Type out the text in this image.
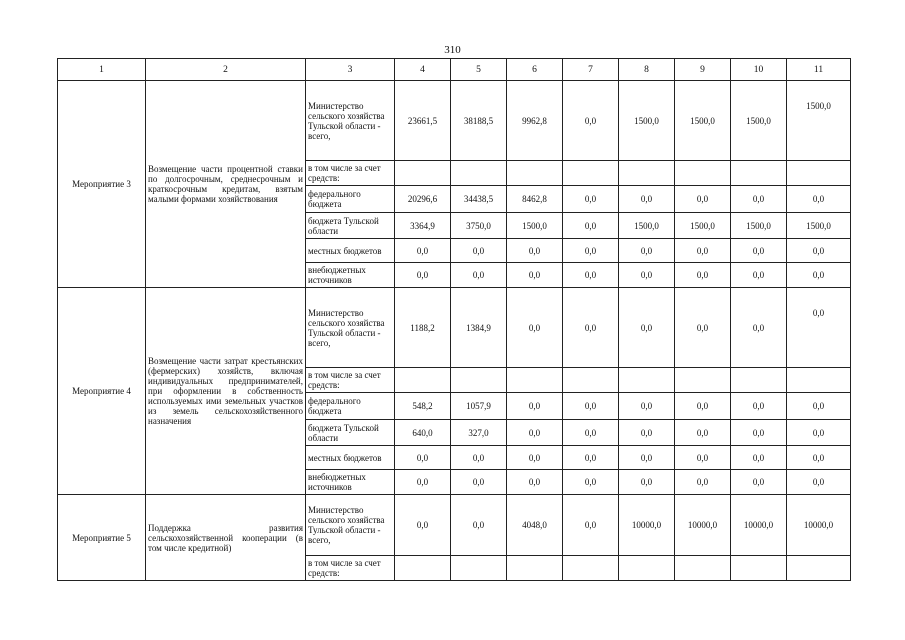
310
1	2	3	4	5	6	7	8	9	10	11
Мероприятие 3	Возмещение части процентной ставки по долгосрочным, среднесрочным и краткосрочным кредитам, взятым малыми формами хозяйствования	Министерство сельского хозяйства Тульской области - всего,	23661,5	38188,5	9962,8	0,0	1500,0	1500,0	1500,0	1500,0
		в том числе за счет средств:								
		федерального бюджета	20296,6	34438,5	8462,8	0,0	0,0	0,0	0,0	0,0
		бюджета Тульской области	3364,9	3750,0	1500,0	0,0	1500,0	1500,0	1500,0	1500,0
		местных бюджетов	0,0	0,0	0,0	0,0	0,0	0,0	0,0	0,0
		внебюджетных источников	0,0	0,0	0,0	0,0	0,0	0,0	0,0	0,0
Мероприятие 4	Возмещение части затрат крестьянских (фермерских) хозяйств, включая индивидуальных предпринимателей, при оформлении в собственность используемых ими земельных участков из земель сельскохозяйственного назначения	Министерство сельского хозяйства Тульской области - всего,	1188,2	1384,9	0,0	0,0	0,0	0,0	0,0	0,0
		в том числе за счет средств:								
		федерального бюджета	548,2	1057,9	0,0	0,0	0,0	0,0	0,0	0,0
		бюджета Тульской области	640,0	327,0	0,0	0,0	0,0	0,0	0,0	0,0
		местных бюджетов	0,0	0,0	0,0	0,0	0,0	0,0	0,0	0,0
		внебюджетных источников	0,0	0,0	0,0	0,0	0,0	0,0	0,0	0,0
Мероприятие 5	Поддержка развития сельскохозяйственной кооперации (в том числе кредитной)	Министерство сельского хозяйства Тульской области - всего,	0,0	0,0	4048,0	0,0	10000,0	10000,0	10000,0	10000,0
		в том числе за счет средств:								
